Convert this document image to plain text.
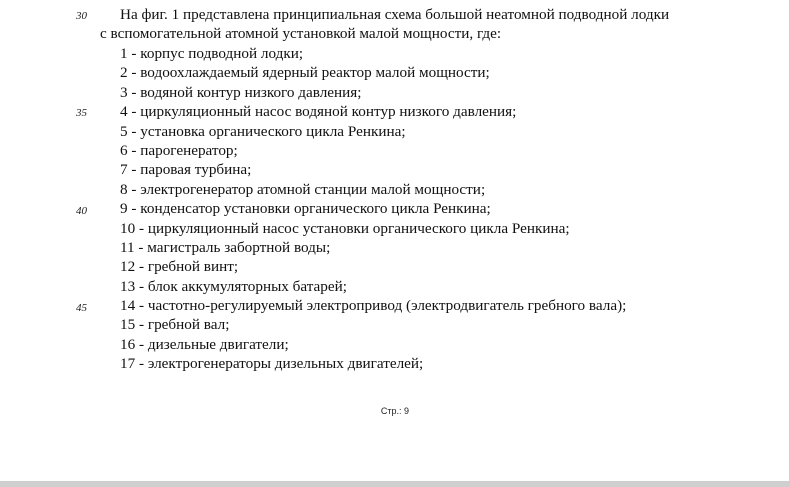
30
35
40
45
На фиг. 1 представлена принципиальная схема большой неатомной подводной лодки
с вспомогательной атомной установкой малой мощности, где:
1 - корпус подводной лодки;
2 - водоохлаждаемый ядерный реактор малой мощности;
3 - водяной контур низкого давления;
4 - циркуляционный насос водяной контур низкого давления;
5 - установка органического цикла Ренкина;
6 - парогенератор;
7 - паровая турбина;
8 - электрогенератор атомной станции малой мощности;
9 - конденсатор установки органического цикла Ренкина;
10 - циркуляционный насос установки органического цикла Ренкина;
11 - магистраль забортной воды;
12 - гребной винт;
13 - блок аккумуляторных батарей;
14 - частотно-регулируемый электропривод (электродвигатель гребного вала);
15 - гребной вал;
16 - дизельные двигатели;
17 - электрогенераторы дизельных двигателей;
Стр.: 9
